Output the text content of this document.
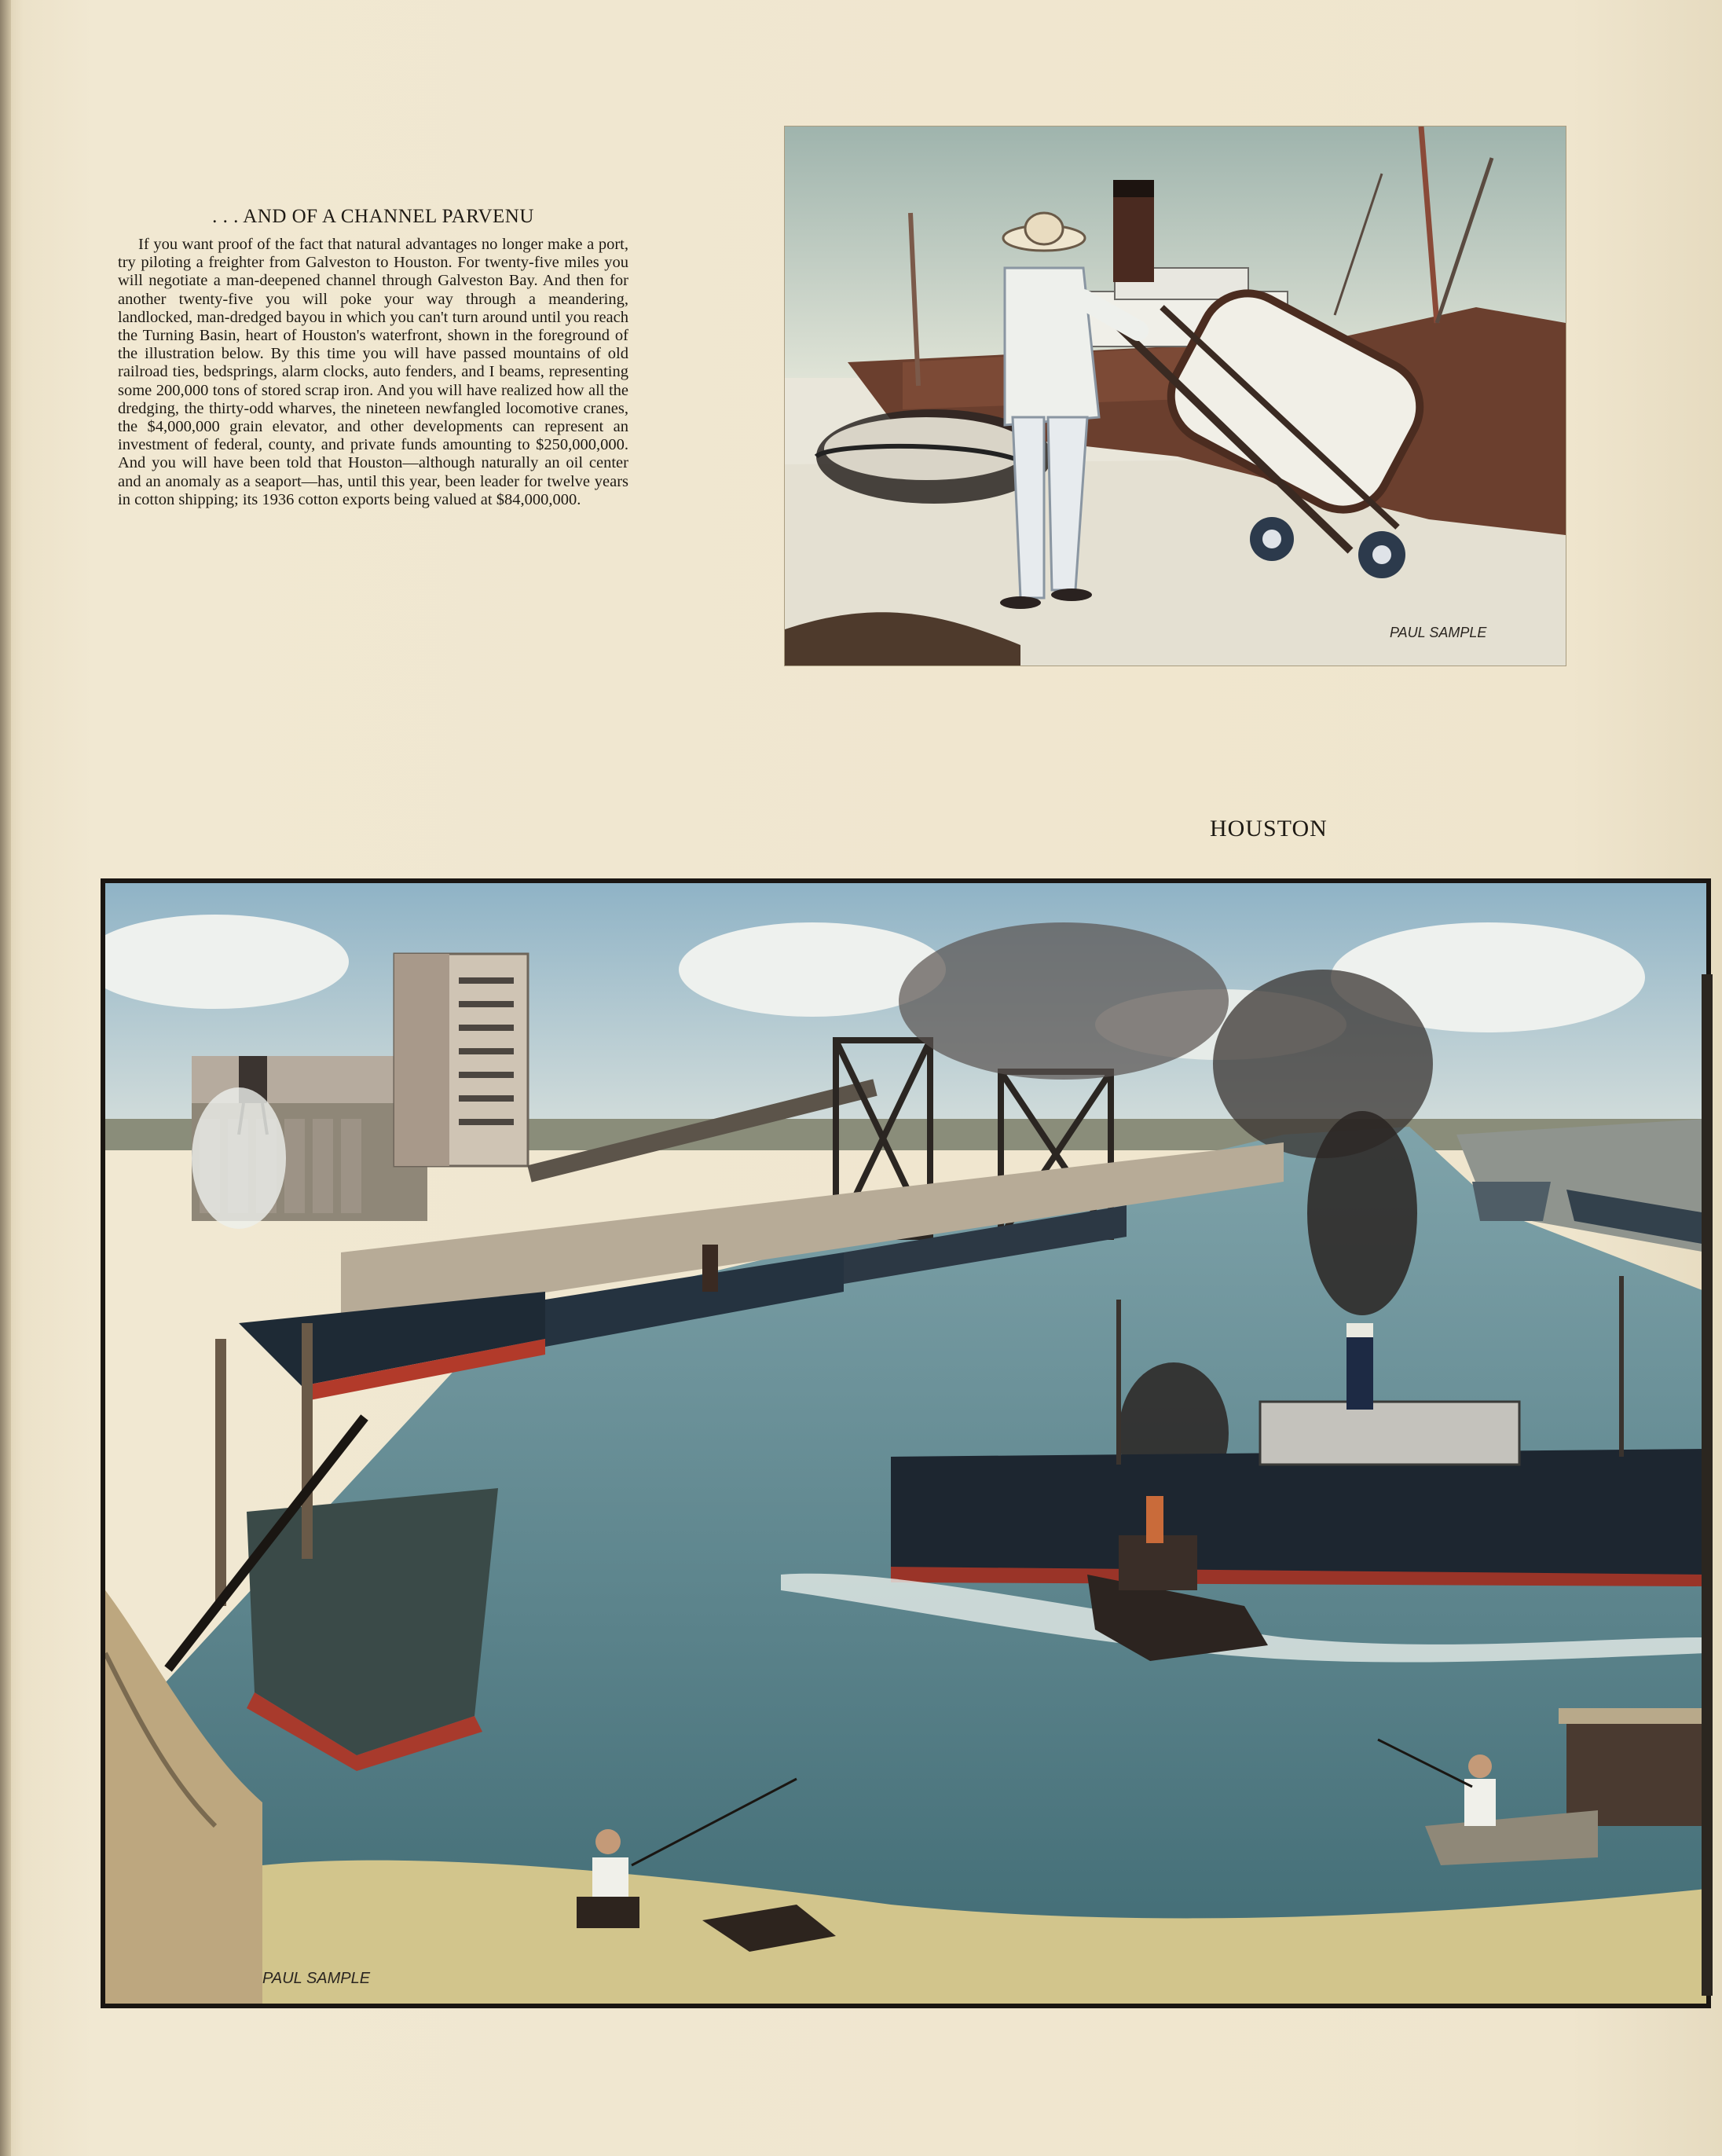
. . . AND OF A CHANNEL PARVENU

If you want proof of the fact that natural advantages no longer make a port, try piloting a freighter from Galveston to Houston. For twenty-five miles you will negotiate a man-deepened channel through Galveston Bay. And then for another twenty-five you will poke your way through a meandering, landlocked, man-dredged bayou in which you can't turn around until you reach the Turning Basin, heart of Houston's waterfront, shown in the foreground of the illustration below. By this time you will have passed mountains of old railroad ties, bedsprings, alarm clocks, auto fenders, and I beams, representing some 200,000 tons of stored scrap iron. And you will have realized how all the dredging, the thirty-odd wharves, the nineteen newfangled locomotive cranes, the $4,000,000 grain elevator, and other developments can represent an investment of federal, county, and private funds amounting to $250,000,000. And you will have been told that Houston—although naturally an oil center and an anomaly as a seaport—has, until this year, been leader for twelve years in cotton shipping; its 1936 cotton exports being valued at $84,000,000.

PAUL SAMPLE
HOUSTON
PAUL SAMPLE
